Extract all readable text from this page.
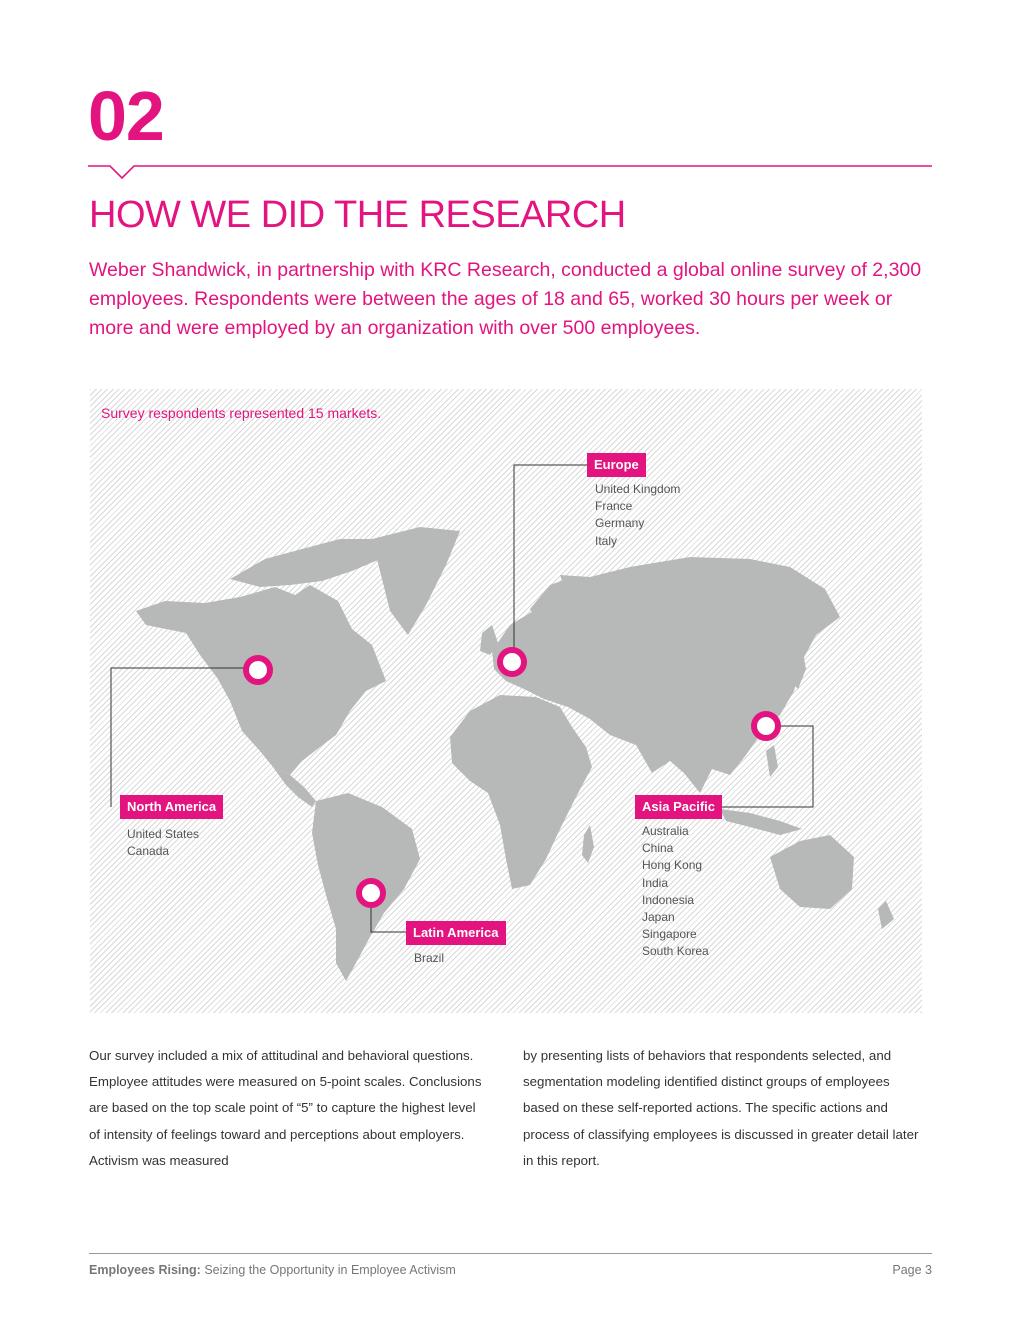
02
HOW WE DID THE RESEARCH
Weber Shandwick, in partnership with KRC Research, conducted a global online survey of 2,300 employees. Respondents were between the ages of 18 and 65, worked 30 hours per week or more and were employed by an organization with over 500 employees.
Survey respondents represented 15 markets.
Europe
United Kingdom
France
Germany
Italy
North America
United States
Canada
Asia Pacific
Australia
China
Hong Kong
India
Indonesia
Japan
Singapore
South Korea
Latin America
Brazil
Our survey included a mix of attitudinal and behavioral questions. Employee attitudes were measured on 5-point scales. Conclusions are based on the top scale point of “5” to capture the highest level of intensity of feelings toward and perceptions about employers. Activism was measured
by presenting lists of behaviors that respondents selected, and segmentation modeling identified distinct groups of employees based on these self-reported actions. The specific actions and process of classifying employees is discussed in greater detail later in this report.
Employees Rising: Seizing the Opportunity in Employee Activism	Page 3
